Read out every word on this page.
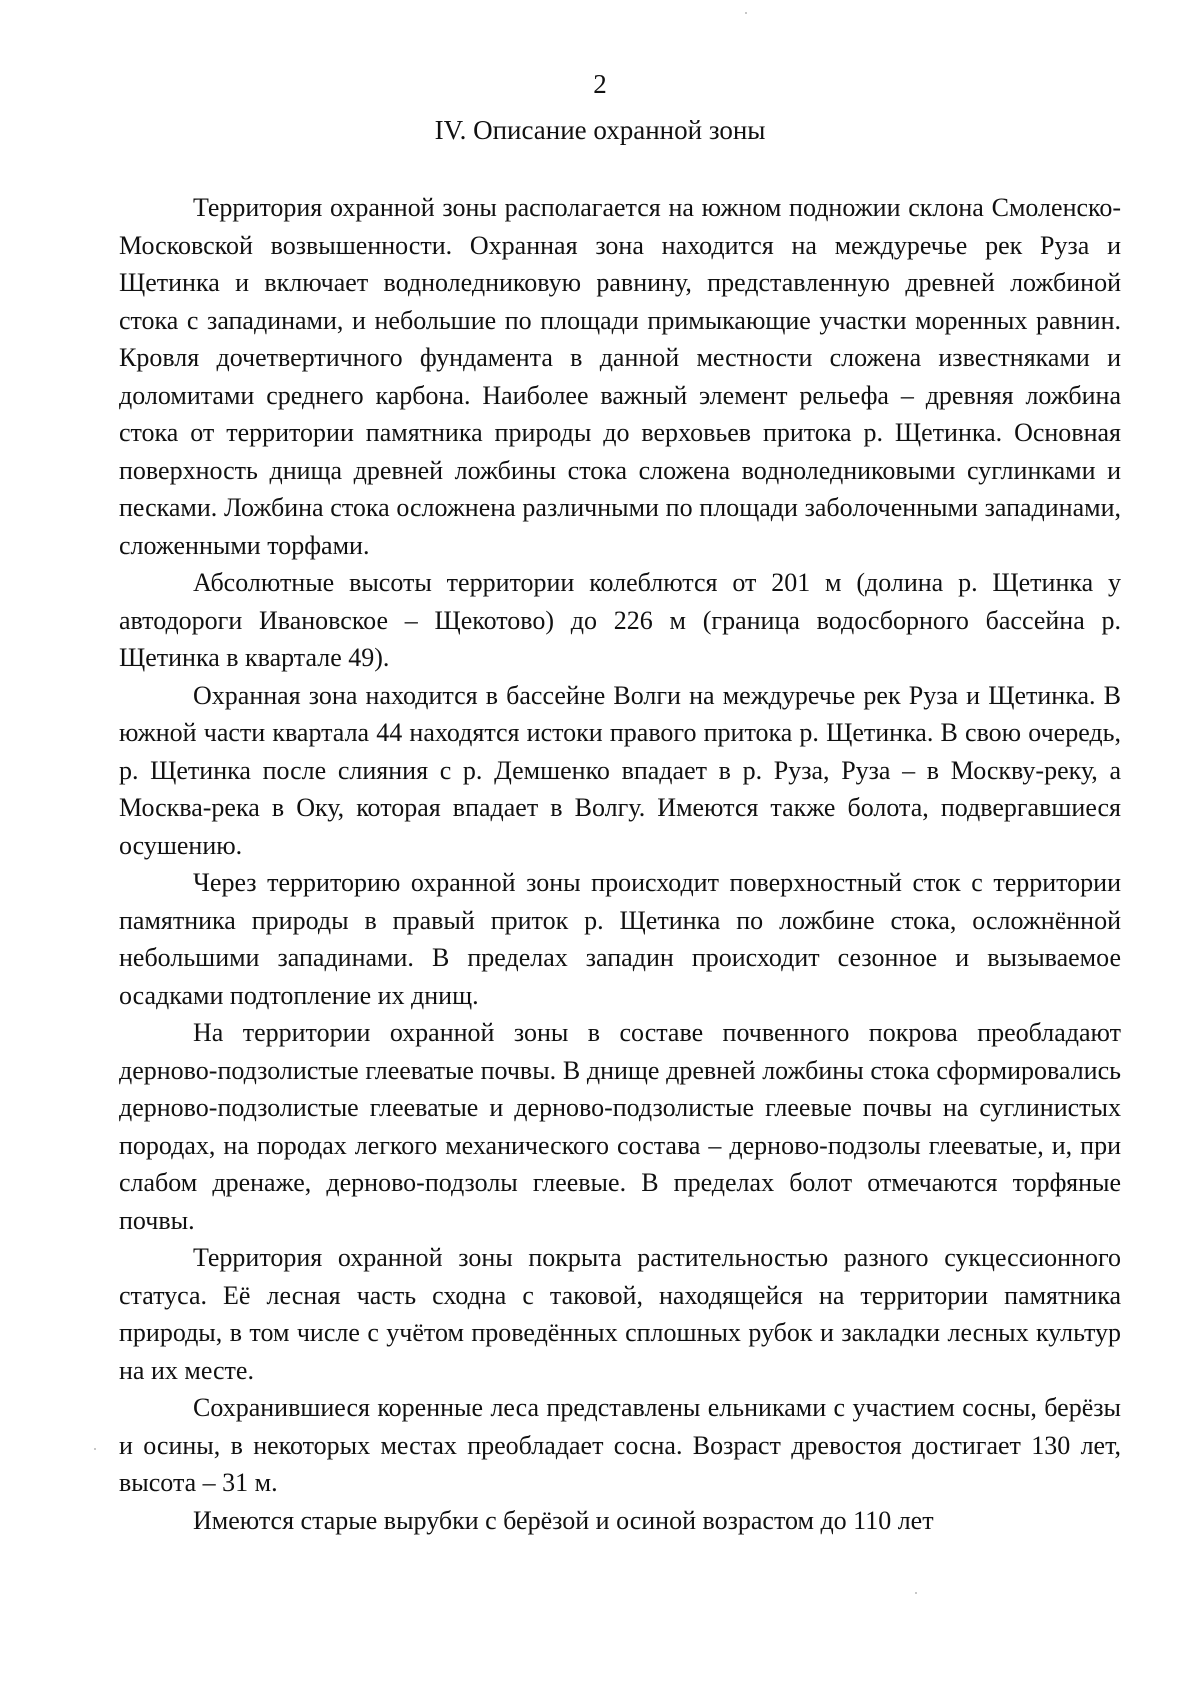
2
IV. Описание охранной зоны

Территория охранной зоны располагается на южном подножии склона Смоленско-Московской возвышенности. Охранная зона находится на междуречье рек Руза и Щетинка и включает водноледниковую равнину, представленную древней ложбиной стока с западинами, и небольшие по площади примыкающие участки моренных равнин. Кровля дочетвертичного фундамента в данной местности сложена известняками и доломитами среднего карбона. Наиболее важный элемент рельефа – древняя ложбина стока от территории памятника природы до верховьев притока р. Щетинка. Основная поверхность днища древней ложбины стока сложена водноледниковыми суглинками и песками. Ложбина стока осложнена различными по площади заболоченными западинами, сложенными торфами.

Абсолютные высоты территории колеблются от 201 м (долина р. Щетинка у автодороги Ивановское – Щекотово) до 226 м (граница водосборного бассейна р. Щетинка в квартале 49).

Охранная зона находится в бассейне Волги на междуречье рек Руза и Щетинка. В южной части квартала 44 находятся истоки правого притока р. Щетинка. В свою очередь, р. Щетинка после слияния с р. Демшенко впадает в р. Руза, Руза – в Москву-реку, а Москва-река в Оку, которая впадает в Волгу. Имеются также болота, подвергавшиеся осушению.

Через территорию охранной зоны происходит поверхностный сток с территории памятника природы в правый приток р. Щетинка по ложбине стока, осложнённой небольшими западинами. В пределах западин происходит сезонное и вызываемое осадками подтопление их днищ.

На территории охранной зоны в составе почвенного покрова преобладают дерново-подзолистые глееватые почвы. В днище древней ложбины стока сформировались дерново-подзолистые глееватые и дерново-подзолистые глеевые почвы на суглинистых породах, на породах легкого механического состава – дерново-подзолы глееватые, и, при слабом дренаже, дерново-подзолы глеевые. В пределах болот отмечаются торфяные почвы.

Территория охранной зоны покрыта растительностью разного сукцессионного статуса. Её лесная часть сходна с таковой, находящейся на территории памятника природы, в том числе с учётом проведённых сплошных рубок и закладки лесных культур на их месте.

Сохранившиеся коренные леса представлены ельниками с участием сосны, берёзы и осины, в некоторых местах преобладает сосна. Возраст древостоя достигает 130 лет, высота – 31 м.

Имеются старые вырубки с берёзой и осиной возрастом до 110 лет
